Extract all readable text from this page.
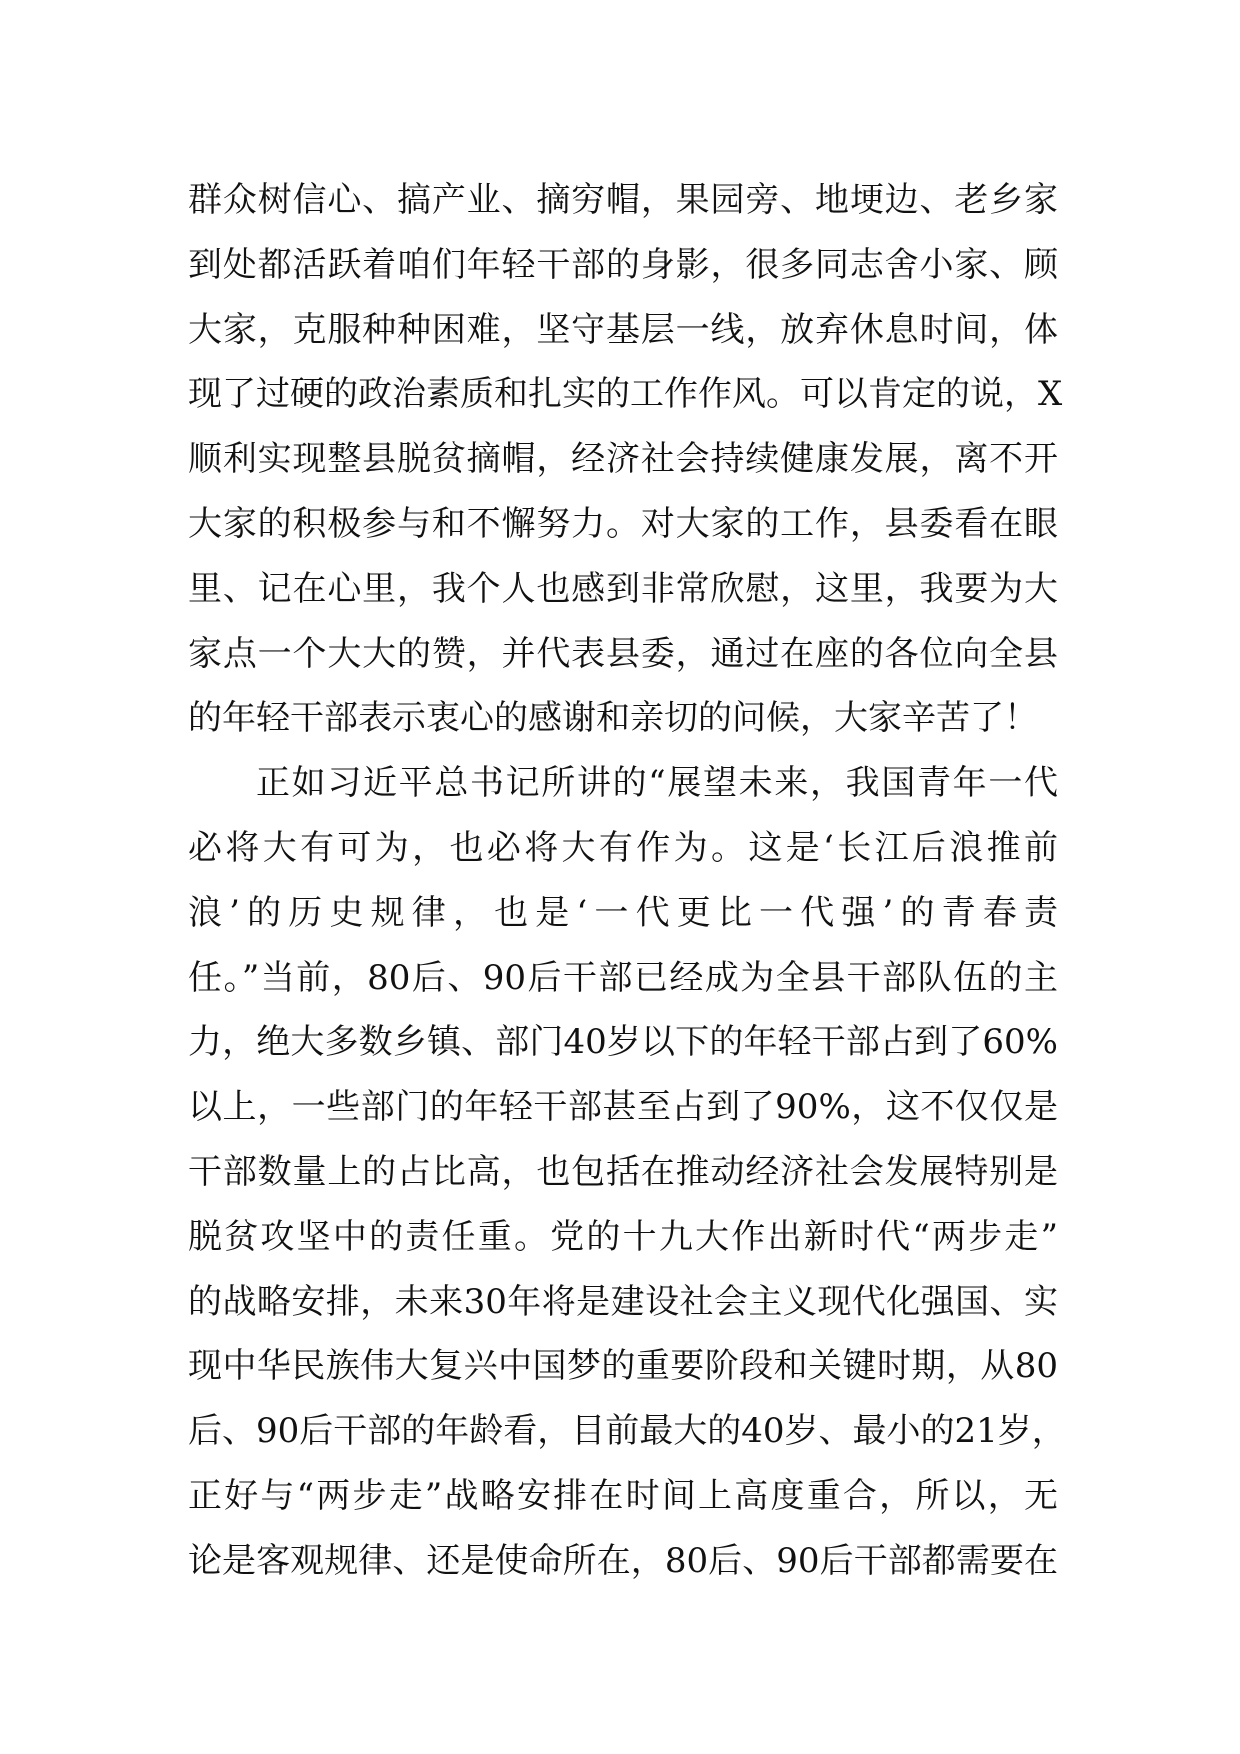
群众树信心、搞产业、摘穷帽，果园旁、地埂边、老乡家
到处都活跃着咱们年轻干部的身影，很多同志舍小家、顾
大家，克服种种困难，坚守基层一线，放弃休息时间，体
现了过硬的政治素质和扎实的工作作风。可以肯定的说，X
顺利实现整县脱贫摘帽，经济社会持续健康发展，离不开
大家的积极参与和不懈努力。对大家的工作，县委看在眼
里、记在心里，我个人也感到非常欣慰，这里，我要为大
家点一个大大的赞，并代表县委，通过在座的各位向全县
的年轻干部表示衷心的感谢和亲切的问候，大家辛苦了！
正如习近平总书记所讲的“展望未来，我国青年一代
必将大有可为，也必将大有作为。这是‘长江后浪推前
浪’的历史规律，也是‘一代更比一代强’的青春责
任。”当前，80后、90后干部已经成为全县干部队伍的主
力，绝大多数乡镇、部门40岁以下的年轻干部占到了60%
以上，一些部门的年轻干部甚至占到了90%，这不仅仅是
干部数量上的占比高，也包括在推动经济社会发展特别是
脱贫攻坚中的责任重。党的十九大作出新时代“两步走”
的战略安排，未来30年将是建设社会主义现代化强国、实
现中华民族伟大复兴中国梦的重要阶段和关键时期，从80
后、90后干部的年龄看，目前最大的40岁、最小的21岁，
正好与“两步走”战略安排在时间上高度重合，所以，无
论是客观规律、还是使命所在，80后、90后干部都需要在
